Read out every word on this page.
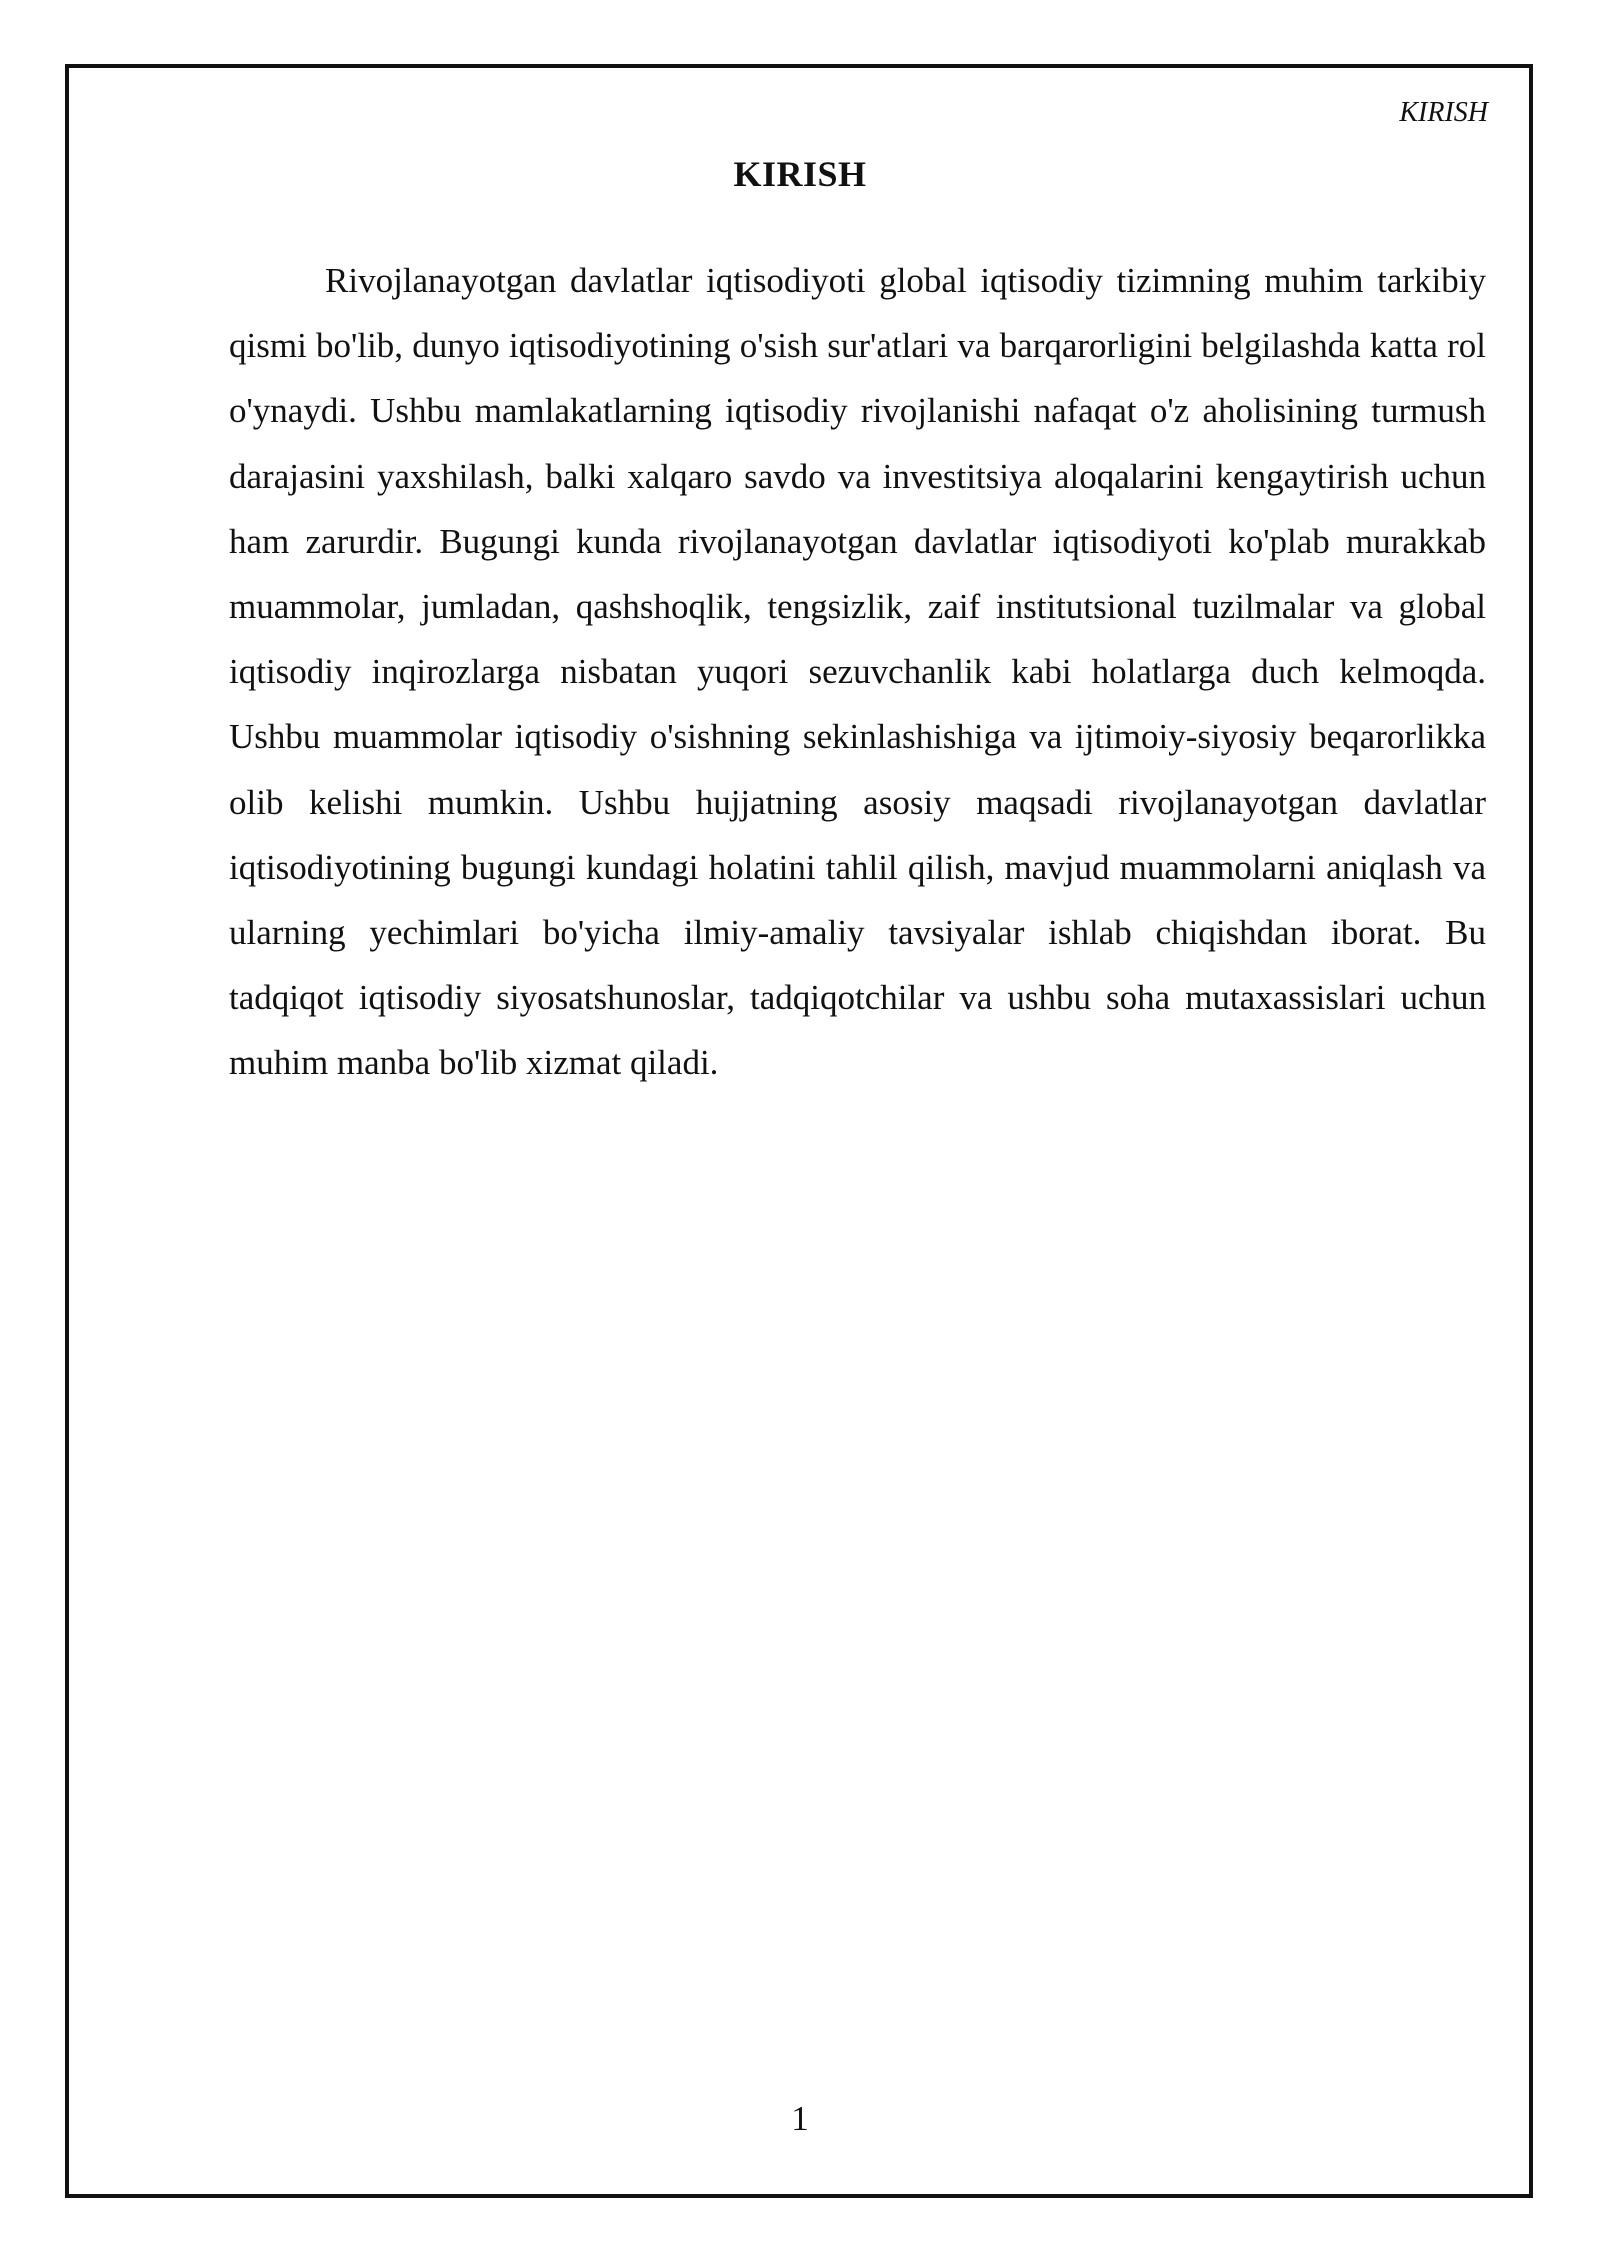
KIRISH
KIRISH

Rivojlanayotgan davlatlar iqtisodiyoti global iqtisodiy tizimning muhim tarkibiy qismi bo'lib, dunyo iqtisodiyotining o'sish sur'atlari va barqarorligini belgilashda katta rol o'ynaydi. Ushbu mamlakatlarning iqtisodiy rivojlanishi nafaqat o'z aholisining turmush darajasini yaxshilash, balki xalqaro savdo va investitsiya aloqalarini kengaytirish uchun ham zarurdir. Bugungi kunda rivojlanayotgan davlatlar iqtisodiyoti ko'plab murakkab muammolar, jumladan, qashshoqlik, tengsizlik, zaif institutsional tuzilmalar va global iqtisodiy inqirozlarga nisbatan yuqori sezuvchanlik kabi holatlarga duch kelmoqda. Ushbu muammolar iqtisodiy o'sishning sekinlashishiga va ijtimoiy-siyosiy beqarorlikka olib kelishi mumkin. Ushbu hujjatning asosiy maqsadi rivojlanayotgan davlatlar iqtisodiyotining bugungi kundagi holatini tahlil qilish, mavjud muammolarni aniqlash va ularning yechimlari bo'yicha ilmiy-amaliy tavsiyalar ishlab chiqishdan iborat. Bu tadqiqot iqtisodiy siyosatshunoslar, tadqiqotchilar va ushbu soha mutaxassislari uchun muhim manba bo'lib xizmat qiladi.

1
